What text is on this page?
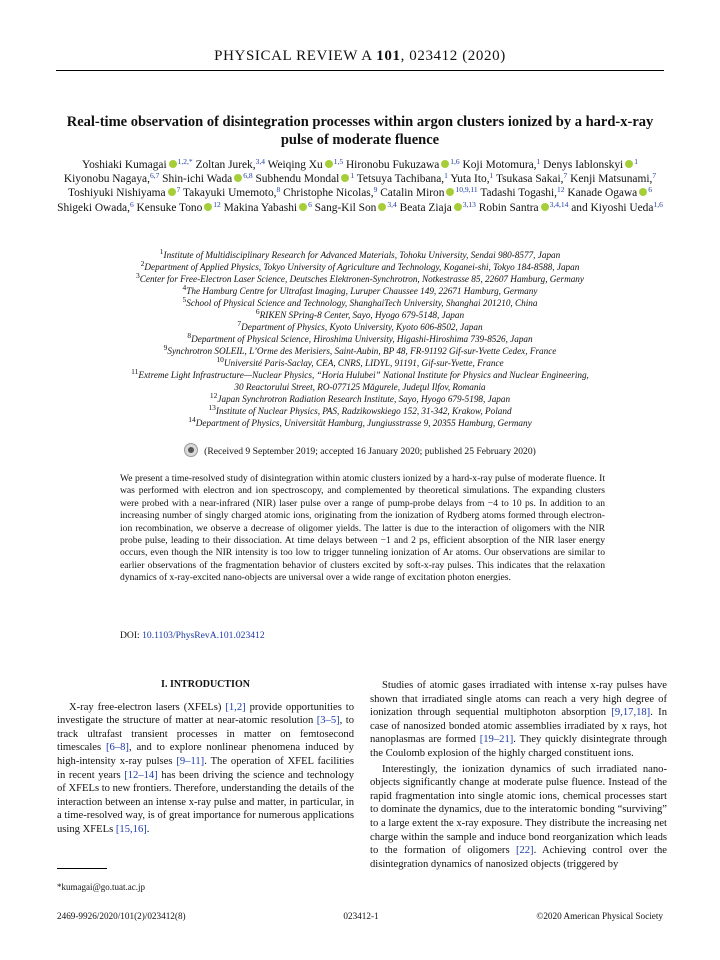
PHYSICAL REVIEW A 101, 023412 (2020)
Real-time observation of disintegration processes within argon clusters ionized by a hard-x-ray pulse of moderate fluence
Yoshiaki Kumagai $^{1,2,*}$ Zoltan Jurek,$^{3,4}$ Weiqing Xu $^{1,5}$ Hironobu Fukuzawa $^{1,6}$ Koji Motomura,$^1$ Denys Iablonskyi $^1$ Kiyonobu Nagaya,$^{6,7}$ Shin-ichi Wada $^{6,8}$ Subhendu Mondal $^1$ Tetsuya Tachibana,$^1$ Yuta Ito,$^1$ Tsukasa Sakai,$^7$ Kenji Matsunami,$^7$ Toshiyuki Nishiyama $^7$ Takayuki Umemoto,$^8$ Christophe Nicolas,$^9$ Catalin Miron $^{10,9,11}$ Tadashi Togashi,$^{12}$ Kanade Ogawa $^6$ Shigeki Owada,$^6$ Kensuke Tono $^{12}$ Makina Yabashi $^6$ Sang-Kil Son $^{3,4}$ Beata Ziaja $^{3,13}$ Robin Santra $^{3,4,14}$ and Kiyoshi Ueda$^{1,6}$
$^1$Institute of Multidisciplinary Research for Advanced Materials, Tohoku University, Sendai 980-8577, Japan
$^2$Department of Applied Physics, Tokyo University of Agriculture and Technology, Koganei-shi, Tokyo 184-8588, Japan
$^3$Center for Free-Electron Laser Science, Deutsches Elektronen-Synchrotron, Notkestrasse 85, 22607 Hamburg, Germany
$^4$The Hamburg Centre for Ultrafast Imaging, Luruper Chaussee 149, 22671 Hamburg, Germany
$^5$School of Physical Science and Technology, ShanghaiTech University, Shanghai 201210, China
$^6$RIKEN SPring-8 Center, Sayo, Hyogo 679-5148, Japan
$^7$Department of Physics, Kyoto University, Kyoto 606-8502, Japan
$^8$Department of Physical Science, Hiroshima University, Higashi-Hiroshima 739-8526, Japan
$^9$Synchrotron SOLEIL, L’Orme des Merisiers, Saint-Aubin, BP 48, FR-91192 Gif-sur-Yvette Cedex, France
$^{10}$Université Paris-Saclay, CEA, CNRS, LIDYL, 91191, Gif-sur-Yvette, France
$^{11}$Extreme Light Infrastructure—Nuclear Physics, “Horia Hulubei” National Institute for Physics and Nuclear Engineering,
30 Reactorului Street, RO-077125 Măgurele, Judeţul Ilfov, Romania
$^{12}$Japan Synchrotron Radiation Research Institute, Sayo, Hyogo 679-5198, Japan
$^{13}$Institute of Nuclear Physics, PAS, Radzikowskiego 152, 31-342, Krakow, Poland
$^{14}$Department of Physics, Universität Hamburg, Jungiusstrasse 9, 20355 Hamburg, Germany
(Received 9 September 2019; accepted 16 January 2020; published 25 February 2020)
We present a time-resolved study of disintegration within atomic clusters ionized by a hard-x-ray pulse of moderate fluence. It was performed with electron and ion spectroscopy, and complemented by theoretical simulations. The expanding clusters were probed with a near-infrared (NIR) laser pulse over a range of pump-probe delays from −4 to 10 ps. In addition to an increasing number of singly charged atomic ions, originating from the ionization of Rydberg atoms formed through electron-ion recombination, we observe a decrease of oligomer yields. The latter is due to the interaction of oligomers with the NIR probe pulse, leading to their dissociation. At time delays between −1 and 2 ps, efficient absorption of the NIR laser energy occurs, even though the NIR intensity is too low to trigger tunneling ionization of Ar atoms. Our observations are similar to earlier observations of the fragmentation behavior of clusters excited by soft-x-ray pulses. This indicates that the relaxation dynamics of x-ray-excited nano-objects are universal over a wide range of excitation photon energies.
DOI: 10.1103/PhysRevA.101.023412
I. INTRODUCTION

X-ray free-electron lasers (XFELs) [1,2] provide opportunities to investigate the structure of matter at near-atomic resolution [3–5], to track ultrafast transient processes in matter on femtosecond timescales [6–8], and to explore nonlinear phenomena induced by high-intensity x-ray pulses [9–11]. The operation of XFEL facilities in recent years [12–14] has been driving the science and technology of XFELs to new frontiers. Therefore, understanding the details of the interaction between an intense x-ray pulse and matter, in particular, in a time-resolved way, is of great importance for numerous applications using XFELs [15,16].

Studies of atomic gases irradiated with intense x-ray pulses have shown that irradiated single atoms can reach a very high degree of ionization through sequential multiphoton absorption [9,17,18]. In case of nanosized bonded atomic assemblies irradiated by x rays, hot nanoplasmas are formed [19–21]. They quickly disintegrate through the Coulomb explosion of the highly charged constituent ions.

Interestingly, the ionization dynamics of such irradiated nano-objects significantly change at moderate pulse fluence. Instead of the rapid fragmentation into single atomic ions, chemical processes start to dominate the dynamics, due to the interatomic bonding “surviving” to a large extent the x-ray exposure. They distribute the increasing net charge within the sample and induce bond reorganization which leads to the formation of oligomers [22]. Achieving control over the disintegration dynamics of nanosized objects (triggered by

*kumagai@go.tuat.ac.jp
2469-9926/2020/101(2)/023412(8)	023412-1	©2020 American Physical Society
